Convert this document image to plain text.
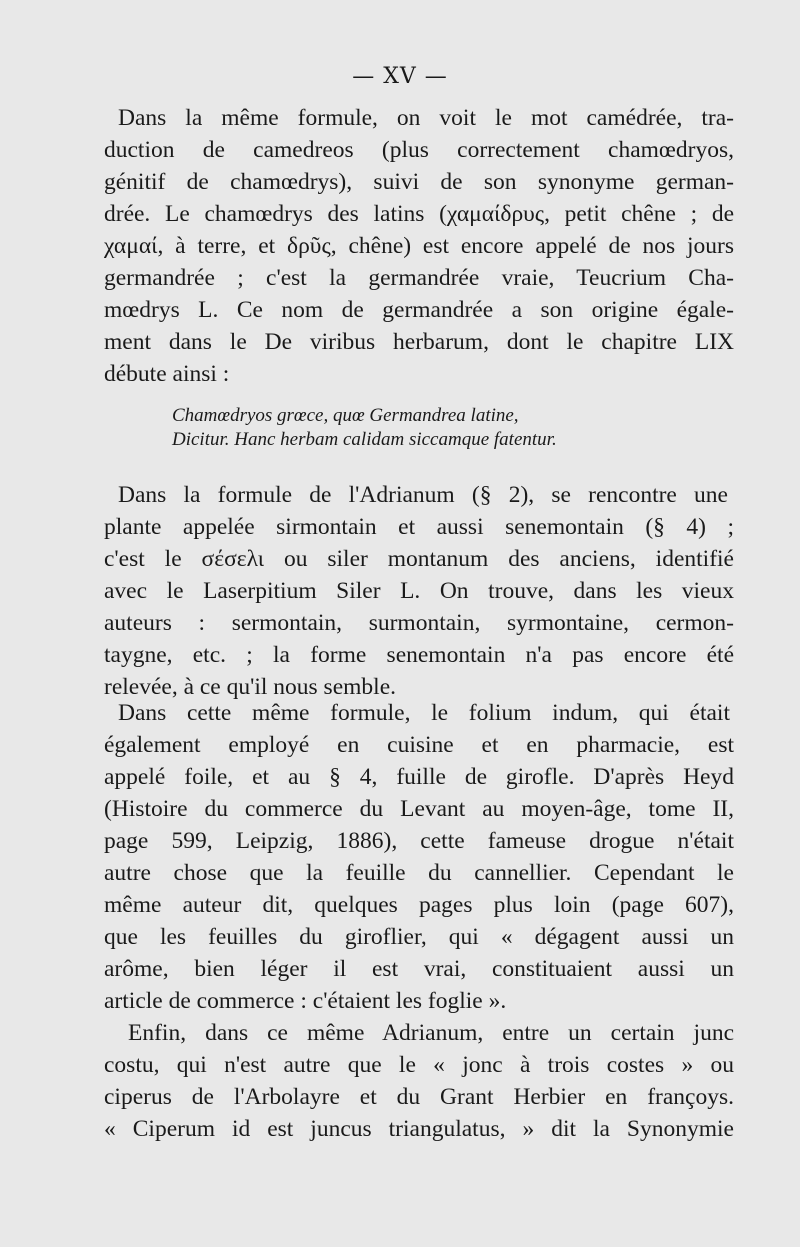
— XV —
Dans la même formule, on voit le mot camédrée, tra-
duction de camedreos (plus correctement chamœdryos,
génitif de chamœdrys), suivi de son synonyme german-
drée. Le chamœdrys des latins (χαμαίδρυς, petit chêne ; de
χαμαί, à terre, et δρῦς, chêne) est encore appelé de nos jours
germandrée ; c'est la germandrée vraie, Teucrium Cha-
mœdrys L. Ce nom de germandrée a son origine égale-
ment dans le De viribus herbarum, dont le chapitre LIX
débute ainsi :
Chamœdryos grœce, quœ Germandrea latine,
Dicitur. Hanc herbam calidam siccamque fatentur.
Dans la formule de l'Adrianum (§ 2), se rencontre une
plante appelée sirmontain et aussi senemontain (§ 4) ;
c'est le σέσελι ou siler montanum des anciens, identifié
avec le Laserpitium Siler L. On trouve, dans les vieux
auteurs : sermontain, surmontain, syrmontaine, cermon-
taygne, etc. ; la forme senemontain n'a pas encore été
relevée, à ce qu'il nous semble.
Dans cette même formule, le folium indum, qui était
également employé en cuisine et en pharmacie, est
appelé foile, et au § 4, fuille de girofle. D'après Heyd
(Histoire du commerce du Levant au moyen-âge, tome II,
page 599, Leipzig, 1886), cette fameuse drogue n'était
autre chose que la feuille du cannellier. Cependant le
même auteur dit, quelques pages plus loin (page 607),
que les feuilles du giroflier, qui « dégagent aussi un
arôme, bien léger il est vrai, constituaient aussi un
article de commerce : c'étaient les foglie ».
Enfin, dans ce même Adrianum, entre un certain junc
costu, qui n'est autre que le « jonc à trois costes » ou
ciperus de l'Arbolayre et du Grant Herbier en françoys.
« Ciperum id est juncus triangulatus, » dit la Synonymie
